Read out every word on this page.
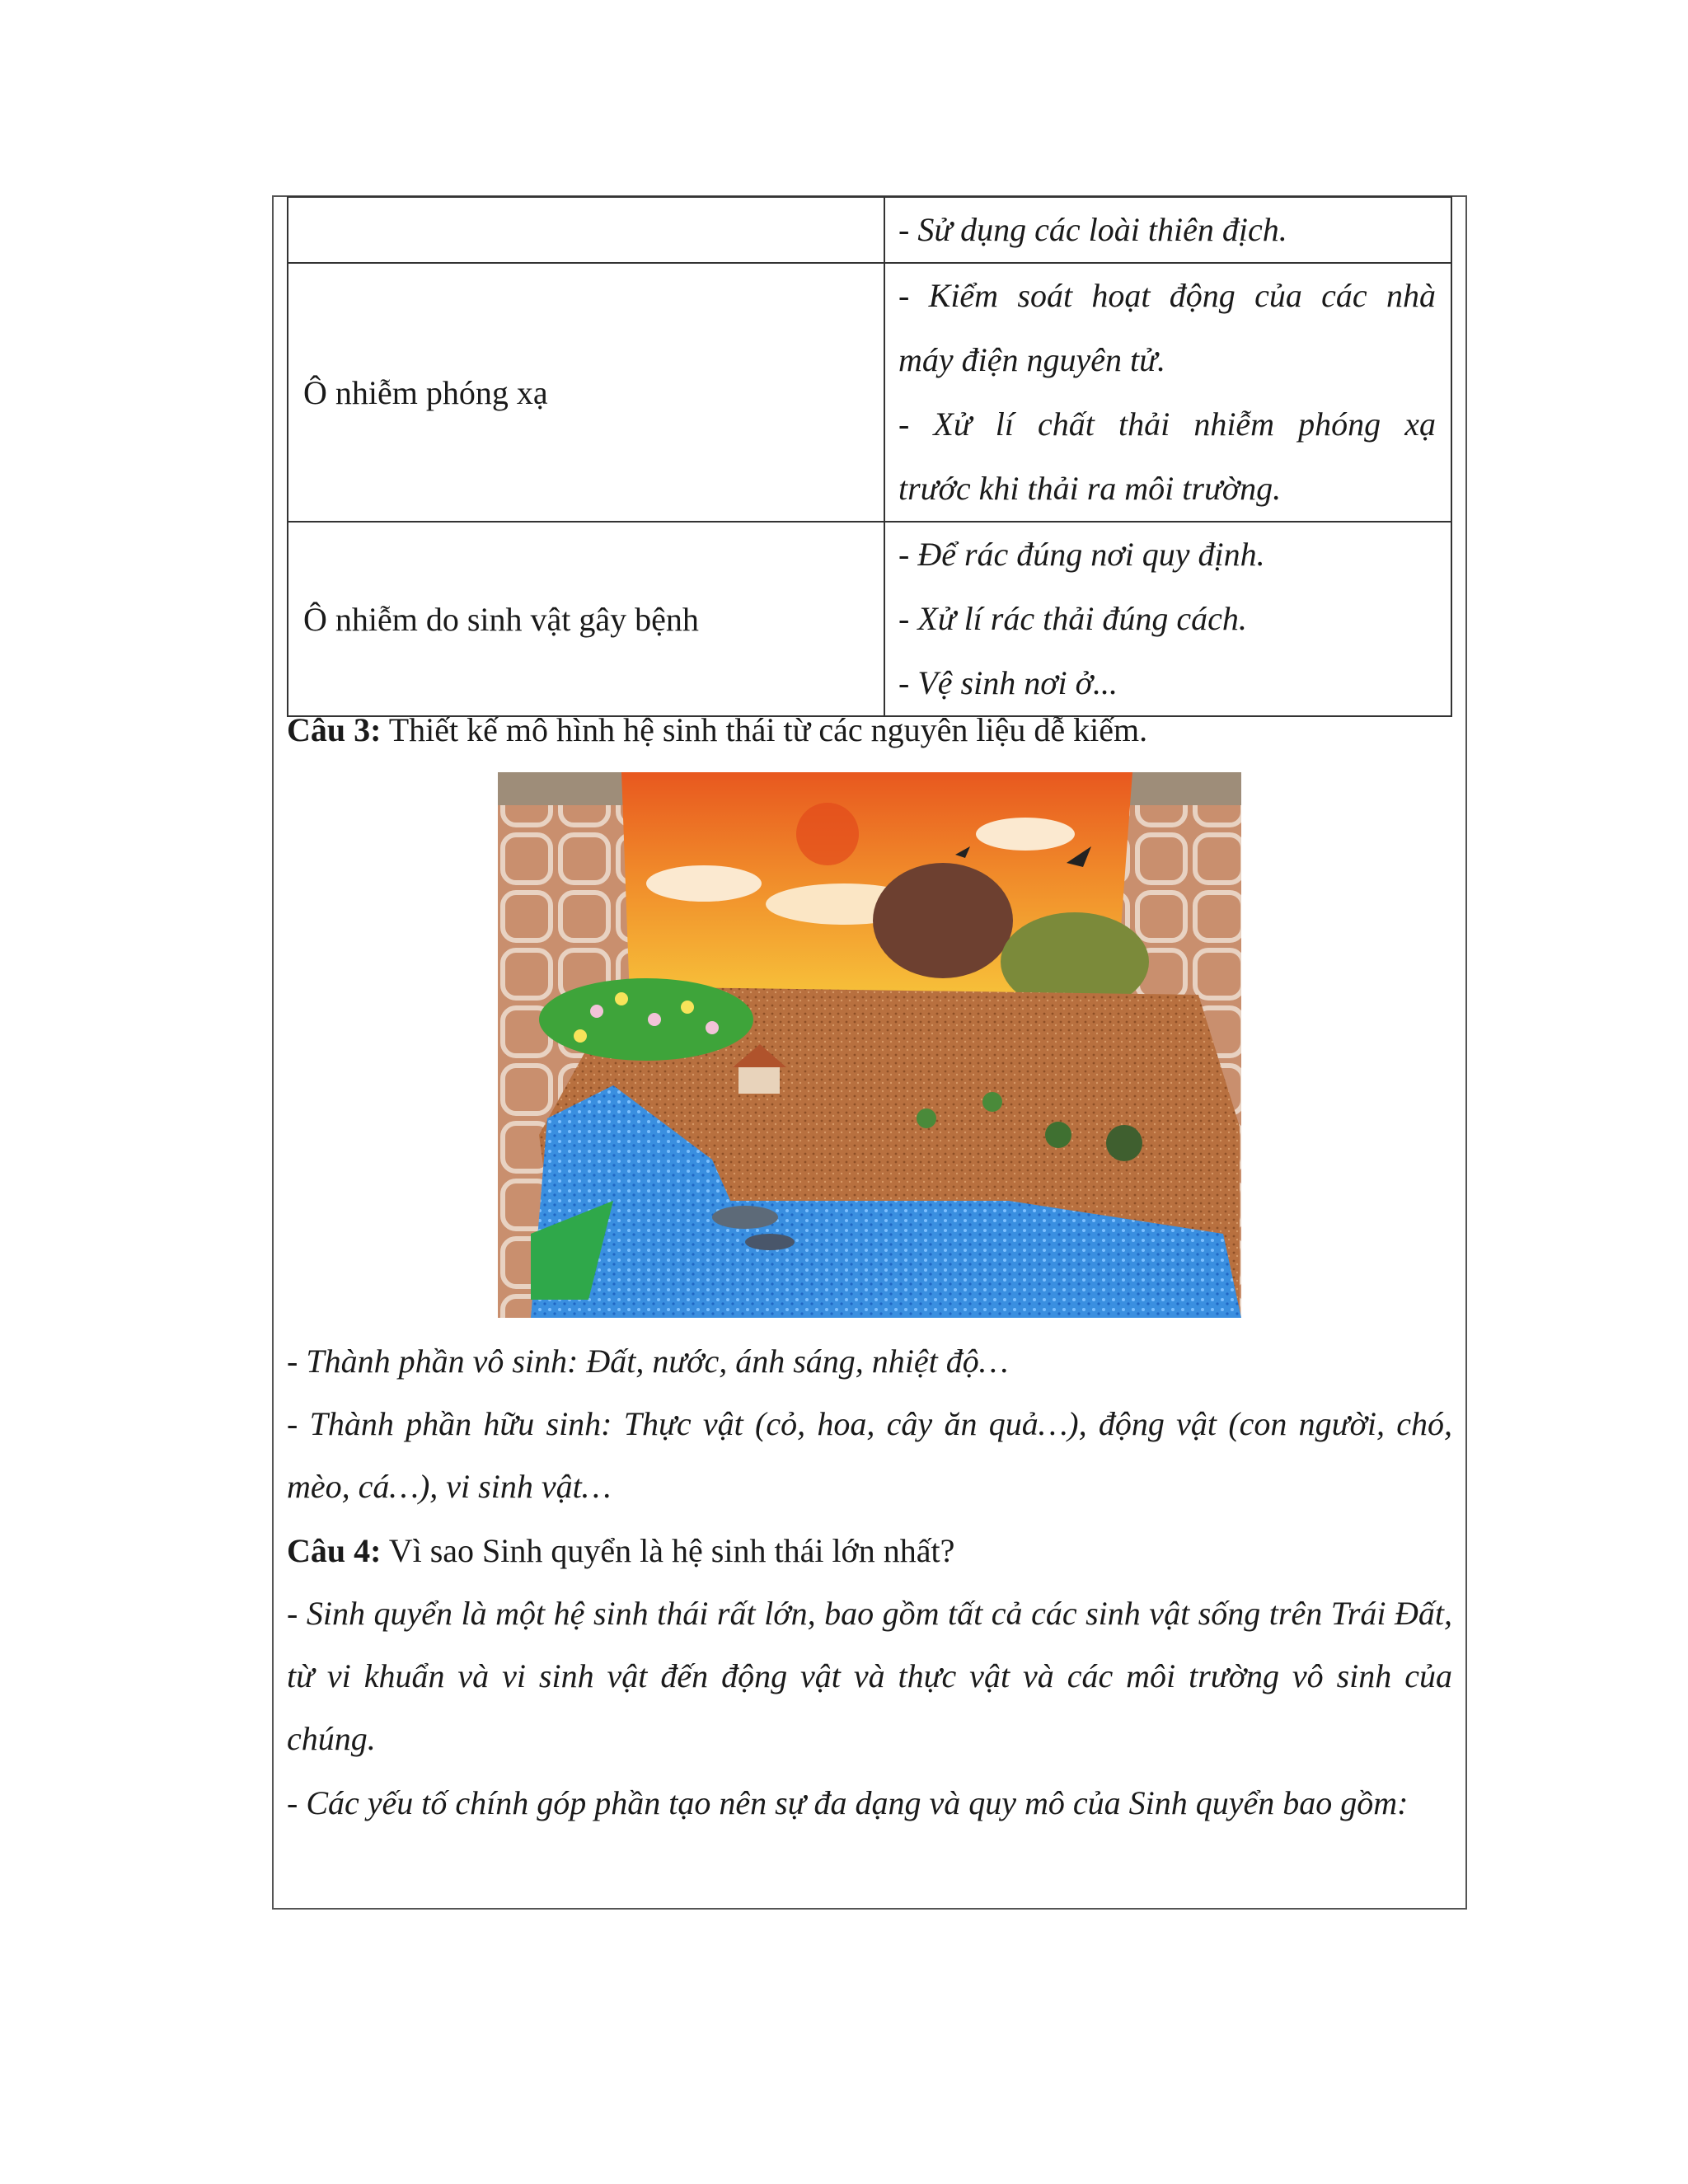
	- Sử dụng các loài thiên địch.

Ô nhiễm phóng xạ	- Kiểm soát hoạt động của các nhà
máy điện nguyên tử.
- Xử lí chất thải nhiễm phóng xạ
trước khi thải ra môi trường.

Ô nhiễm do sinh vật gây bệnh	- Để rác đúng nơi quy định.
- Xử lí rác thải đúng cách.
- Vệ sinh nơi ở...
Câu 3: Thiết kế mô hình hệ sinh thái từ các nguyên liệu dễ kiếm.
- Thành phần vô sinh: Đất, nước, ánh sáng, nhiệt độ…
- Thành phần hữu sinh: Thực vật (cỏ, hoa, cây ăn quả…), động vật (con người, chó, mèo, cá…), vi sinh vật…
Câu 4: Vì sao Sinh quyển là hệ sinh thái lớn nhất?
- Sinh quyển là một hệ sinh thái rất lớn, bao gồm tất cả các sinh vật sống trên Trái Đất, từ vi khuẩn và vi sinh vật đến động vật và thực vật và các môi trường vô sinh của chúng.
- Các yếu tố chính góp phần tạo nên sự đa dạng và quy mô của Sinh quyển bao gồm:
